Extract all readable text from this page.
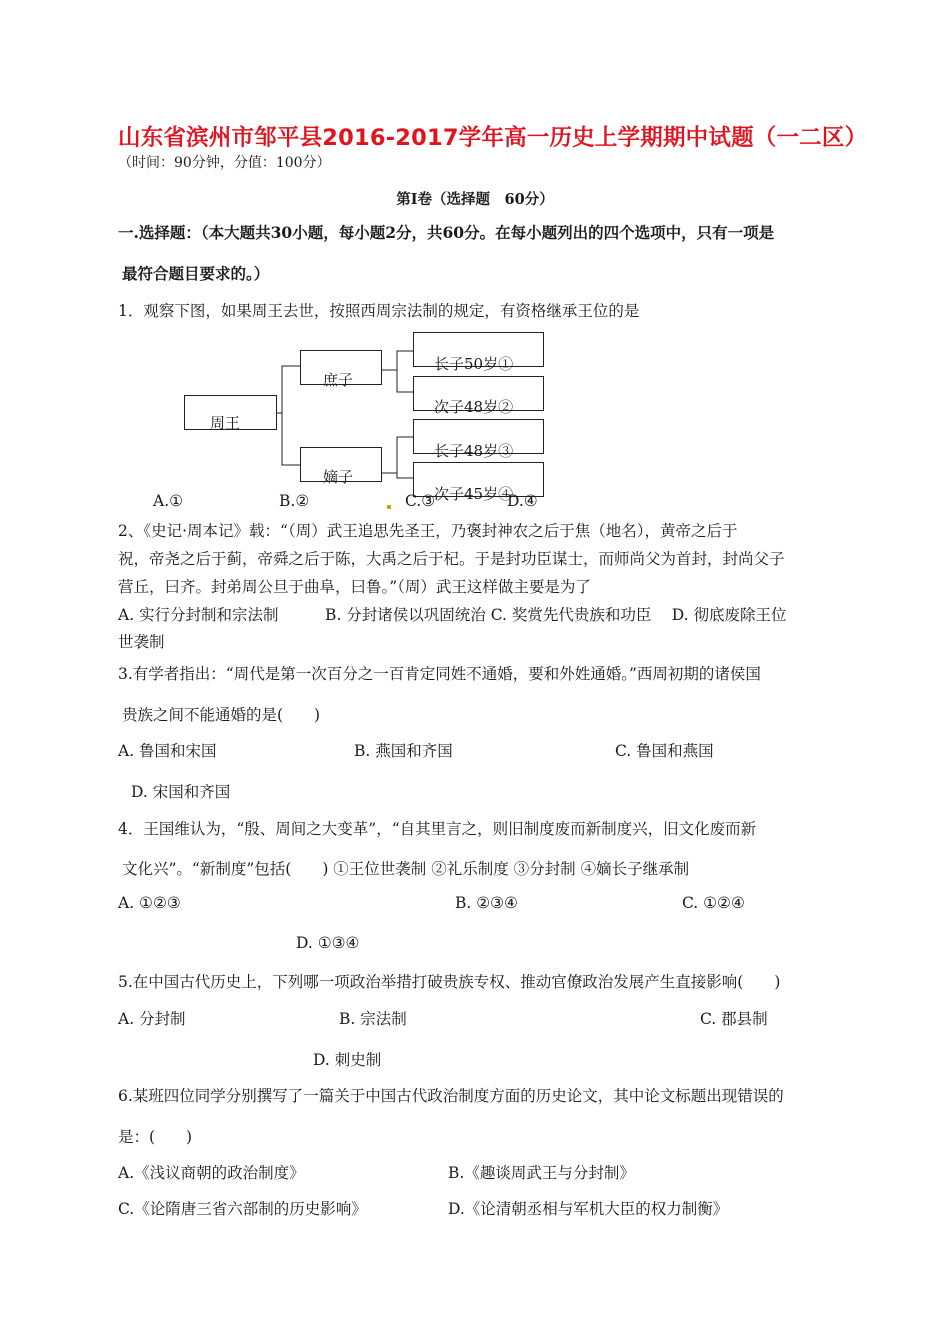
山东省滨州市邹平县2016-2017学年高一历史上学期期中试题（一二区）
（时间：90分钟，分值：100分）
第Ⅰ卷（选择题　60分）
一.选择题：（本大题共30小题，每小题2分，共60分。在每小题列出的四个选项中，只有一项是
最符合题目要求的。）
1．观察下图，如果周王去世，按照西周宗法制的规定，有资格继承王位的是
周王
庶子
嫡子
长子50岁①
次子48岁②
长子48岁③
次子45岁④
A.①	B.②	C.③	D.④
2、《史记·周本记》载：“（周）武王追思先圣王，乃褒封神农之后于焦（地名），黄帝之后于
祝，帝尧之后于蓟，帝舜之后于陈，大禹之后于杞。于是封功臣谋士，而师尚父为首封，封尚父子
营丘，曰齐。封弟周公旦于曲阜，曰鲁。”（周）武王这样做主要是为了
A. 实行分封制和宗法制　　　B. 分封诸侯以巩固统治 C. 奖赏先代贵族和功臣　 D. 彻底废除王位
世袭制
3.有学者指出：“周代是第一次百分之一百肯定同姓不通婚，要和外姓通婚。”西周初期的诸侯国
贵族之间不能通婚的是(　　)
A. 鲁国和宋国	B. 燕国和齐国	C. 鲁国和燕国
D. 宋国和齐国
4．王国维认为，“殷、周间之大变革”，“自其里言之，则旧制度废而新制度兴，旧文化废而新
文化兴”。“新制度”包括(　　) ①王位世袭制 ②礼乐制度 ③分封制 ④嫡长子继承制
A. ①②③	B. ②③④	C. ①②④
D. ①③④
5.在中国古代历史上，下列哪一项政治举措打破贵族专权、推动官僚政治发展产生直接影响(　　)
A. 分封制	B. 宗法制	C. 郡县制
D. 刺史制
6.某班四位同学分别撰写了一篇关于中国古代政治制度方面的历史论文，其中论文标题出现错误的
是：(　　)
A.《浅议商朝的政治制度》	B.《趣谈周武王与分封制》
C.《论隋唐三省六部制的历史影响》	D.《论清朝丞相与军机大臣的权力制衡》
